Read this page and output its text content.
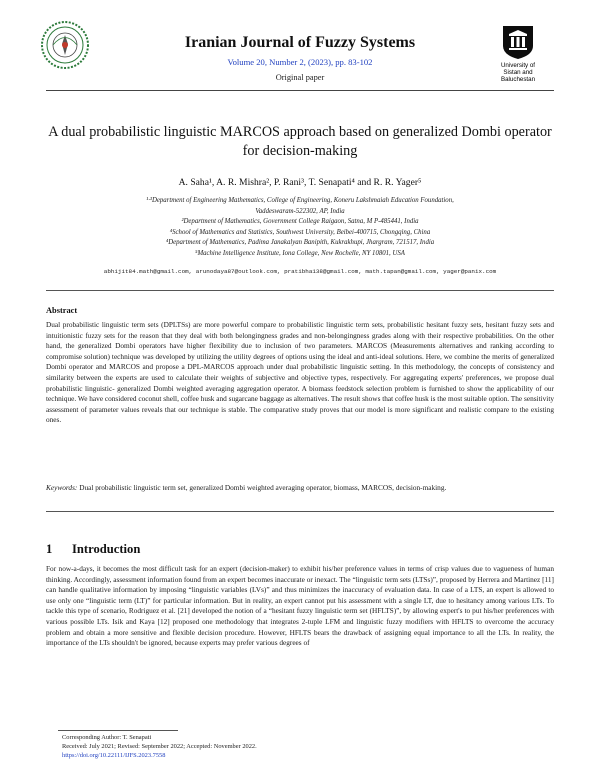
Iranian Journal of Fuzzy Systems
Volume 20, Number 2, (2023), pp. 83-102
Original paper
University of
Sistan and Baluchestan
A dual probabilistic linguistic MARCOS approach based on generalized Dombi operator for decision-making
A. Saha¹, A. R. Mishra², P. Rani³, T. Senapati⁴ and R. R. Yager⁵
¹·³Department of Engineering Mathematics, College of Engineering, Koneru Lakshmaiah Education Foundation,
Vaddeswaram-522302, AP, India
²Department of Mathematics, Government College Raigaon, Satna, M P-485441, India
⁴School of Mathematics and Statistics, Southwest University, Beibei-400715, Chongqing, China
⁴Department of Mathematics, Padima Janakalyan Banipith, Kukrakhupi, Jhargram, 721517, India
⁵Machine Intelligence Institute, Iona College, New Rochelle, NY 10801, USA
abhijit84.math@gmail.com, arunodaya87@outlook.com, pratibha138@gmail.com, math.tapan@gmail.com, yager@panix.com
Abstract
Dual probabilistic linguistic term sets (DPLTSs) are more powerful compare to probabilistic linguistic term sets, probabilistic hesitant fuzzy sets, hesitant fuzzy sets and intuitionistic fuzzy sets for the reason that they deal with both belongingness grades and non-belongingness grades along with their respective probabilities. On the other hand, the generalized Dombi operators have higher flexibility due to inclusion of two parameters. MARCOS (Measurements alternatives and ranking according to compromise solution) technique was developed by utilizing the utility degrees of options using the ideal and anti-ideal solutions. Here, we combine the merits of generalized Dombi operator and MARCOS and propose a DPL-MARCOS approach under dual probabilistic linguistic setting. In this methodology, the concepts of consistency and similarity between the experts are used to calculate their weights of subjective and objective types, respectively. For aggregating experts' preferences, we propose dual probabilistic linguistic- generalized Dombi weighted averaging aggregation operator. A biomass feedstock selection problem is furnished to show the applicability of our technique. We have considered coconut shell, coffee husk and sugarcane baggage as alternatives. The result shows that coffee husk is the most suitable option. The sensitivity assessment of parameter values reveals that our technique is stable. The comparative study proves that our model is more significant and realistic compare to the existing ones.
Keywords: Dual probabilistic linguistic term set, generalized Dombi weighted averaging operator, biomass, MARCOS, decision-making.
1 Introduction
For now-a-days, it becomes the most difficult task for an expert (decision-maker) to exhibit his/her preference values in terms of crisp values due to vagueness of human thinking. Accordingly, assessment information found from an expert becomes inaccurate or inexact. The “linguistic term sets (LTSs)”, proposed by Herrera and Martinez [11] can handle qualitative information by imposing “linguistic variables (LVs)” and thus minimizes the inaccuracy of evaluation data. In case of a LTS, an expert is allowed to use only one “linguistic term (LT)” for particular information. But in reality, an expert cannot put his assessment with a single LT, due to hesitancy among various LTs. To tackle this type of scenario, Rodriguez et al. [21] developed the notion of a “hesitant fuzzy linguistic term set (HFLTS)”, by allowing expert's to put his/her preferences with various possible LTs. Isik and Kaya [12] proposed one methodology that integrates 2-tuple LFM and linguistic fuzzy modifiers with HFLTS to overcome the accuracy problem and obtain a more sensitive and flexible decision procedure. However, HFLTS bears the drawback of assigning equal importance to all the LTs. In reality, the importance of the LTs shouldn't be ignored, because experts may prefer various degrees of
Corresponding Author: T. Senapati
Received: July 2021; Revised: September 2022; Accepted: November 2022.
https://doi.org/10.22111/IJFS.2023.7558
